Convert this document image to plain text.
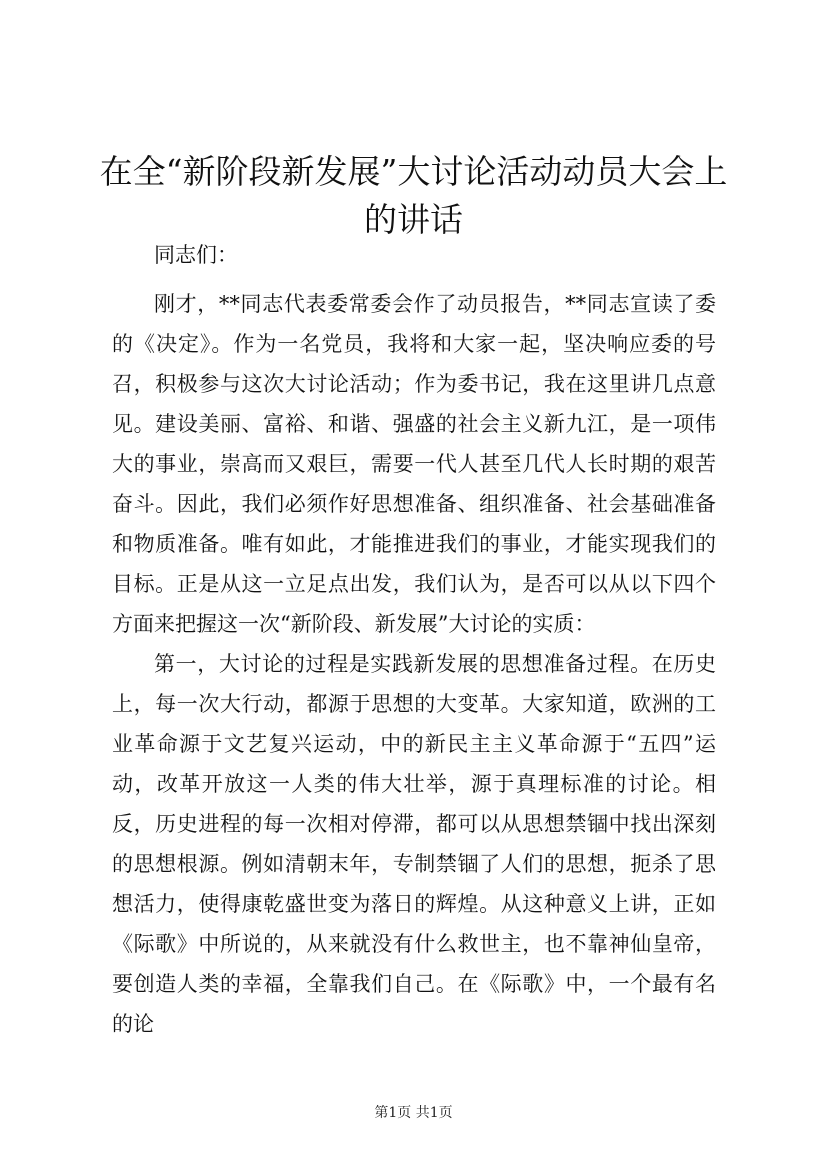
在全“新阶段新发展”大讨论活动动员大会上的讲话

同志们：

刚才，**同志代表委常委会作了动员报告，**同志宣读了委的《决定》。作为一名党员，我将和大家一起，坚决响应委的号召，积极参与这次大讨论活动；作为委书记，我在这里讲几点意见。建设美丽、富裕、和谐、强盛的社会主义新九江，是一项伟大的事业，崇高而又艰巨，需要一代人甚至几代人长时期的艰苦奋斗。因此，我们必须作好思想准备、组织准备、社会基础准备和物质准备。唯有如此，才能推进我们的事业，才能实现我们的目标。正是从这一立足点出发，我们认为，是否可以从以下四个方面来把握这一次“新阶段、新发展”大讨论的实质：

第一，大讨论的过程是实践新发展的思想准备过程。在历史上，每一次大行动，都源于思想的大变革。大家知道，欧洲的工业革命源于文艺复兴运动，中的新民主主义革命源于“五四”运动，改革开放这一人类的伟大壮举，源于真理标准的讨论。相反，历史进程的每一次相对停滞，都可以从思想禁锢中找出深刻的思想根源。例如清朝末年，专制禁锢了人们的思想，扼杀了思想活力，使得康乾盛世变为落日的辉煌。从这种意义上讲，正如《际歌》中所说的，从来就没有什么救世主，也不靠神仙皇帝，要创造人类的幸福，全靠我们自己。在《际歌》中，一个最有名的论

第1页 共1页
